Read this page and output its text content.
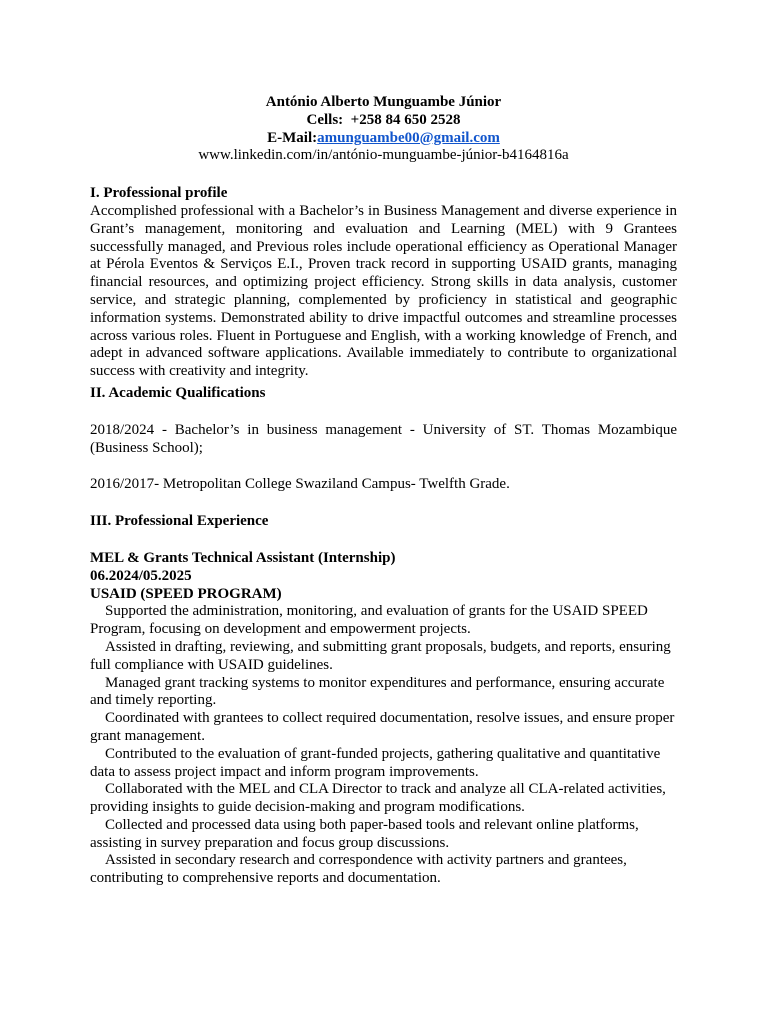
António Alberto Munguambe Júnior
Cells: +258 84 650 2528
E-Mail:amunguambe00@gmail.com
www.linkedin.com/in/antónio-munguambe-júnior-b4164816a

I. Professional profile

Accomplished professional with a Bachelor’s in Business Management and diverse experience in Grant’s management, monitoring and evaluation and Learning (MEL) with 9 Grantees successfully managed, and Previous roles include operational efficiency as Operational Manager at Pérola Eventos & Serviços E.I., Proven track record in supporting USAID grants, managing financial resources, and optimizing project efficiency. Strong skills in data analysis, customer service, and strategic planning, complemented by proficiency in statistical and geographic information systems. Demonstrated ability to drive impactful outcomes and streamline processes across various roles. Fluent in Portuguese and English, with a working knowledge of French, and adept in advanced software applications. Available immediately to contribute to organizational success with creativity and integrity.

II. Academic Qualifications

2018/2024 - Bachelor’s in business management - University of ST. Thomas Mozambique (Business School);

2016/2017- Metropolitan College Swaziland Campus- Twelfth Grade.

III. Professional Experience

MEL & Grants Technical Assistant (Internship)

06.2024/05.2025

USAID (SPEED PROGRAM)

Supported the administration, monitoring, and evaluation of grants for the USAID SPEED Program, focusing on development and empowerment projects.

Assisted in drafting, reviewing, and submitting grant proposals, budgets, and reports, ensuring full compliance with USAID guidelines.

Managed grant tracking systems to monitor expenditures and performance, ensuring accurate and timely reporting.

Coordinated with grantees to collect required documentation, resolve issues, and ensure proper grant management.

Contributed to the evaluation of grant-funded projects, gathering qualitative and quantitative data to assess project impact and inform program improvements.

Collaborated with the MEL and CLA Director to track and analyze all CLA-related activities, providing insights to guide decision-making and program modifications.

Collected and processed data using both paper-based tools and relevant online platforms, assisting in survey preparation and focus group discussions.

Assisted in secondary research and correspondence with activity partners and grantees, contributing to comprehensive reports and documentation.
